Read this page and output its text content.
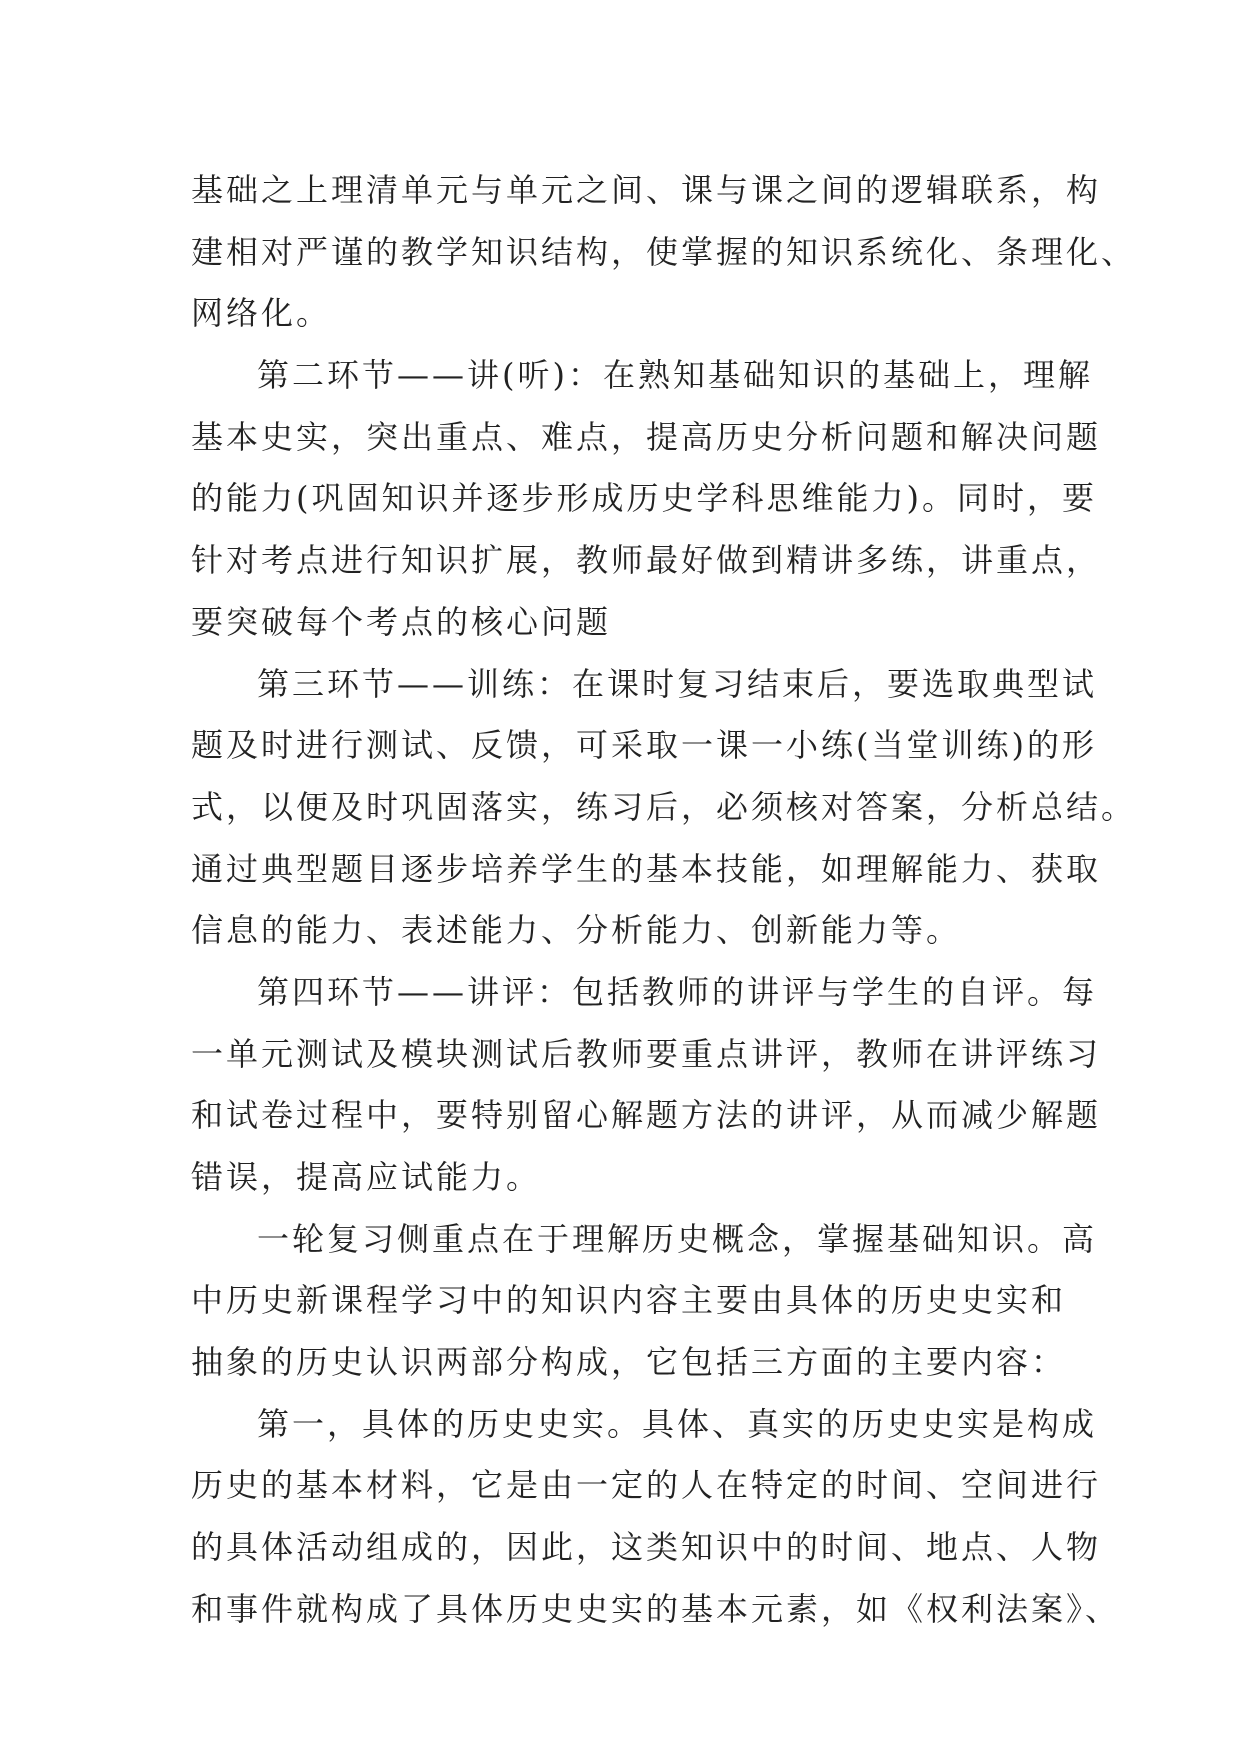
基础之上理清单元与单元之间、课与课之间的逻辑联系，构
建相对严谨的教学知识结构，使掌握的知识系统化、条理化、
网络化。
第二环节——讲(听)：在熟知基础知识的基础上，理解
基本史实，突出重点、难点，提高历史分析问题和解决问题
的能力(巩固知识并逐步形成历史学科思维能力)。同时，要
针对考点进行知识扩展，教师最好做到精讲多练，讲重点，
要突破每个考点的核心问题
第三环节——训练：在课时复习结束后，要选取典型试
题及时进行测试、反馈，可采取一课一小练(当堂训练)的形
式，以便及时巩固落实，练习后，必须核对答案，分析总结。
通过典型题目逐步培养学生的基本技能，如理解能力、获取
信息的能力、表述能力、分析能力、创新能力等。
第四环节——讲评：包括教师的讲评与学生的自评。每
一单元测试及模块测试后教师要重点讲评，教师在讲评练习
和试卷过程中，要特别留心解题方法的讲评，从而减少解题
错误，提高应试能力。
一轮复习侧重点在于理解历史概念，掌握基础知识。高
中历史新课程学习中的知识内容主要由具体的历史史实和
抽象的历史认识两部分构成，它包括三方面的主要内容：
第一，具体的历史史实。具体、真实的历史史实是构成
历史的基本材料，它是由一定的人在特定的时间、空间进行
的具体活动组成的，因此，这类知识中的时间、地点、人物
和事件就构成了具体历史史实的基本元素，如《权利法案》、
